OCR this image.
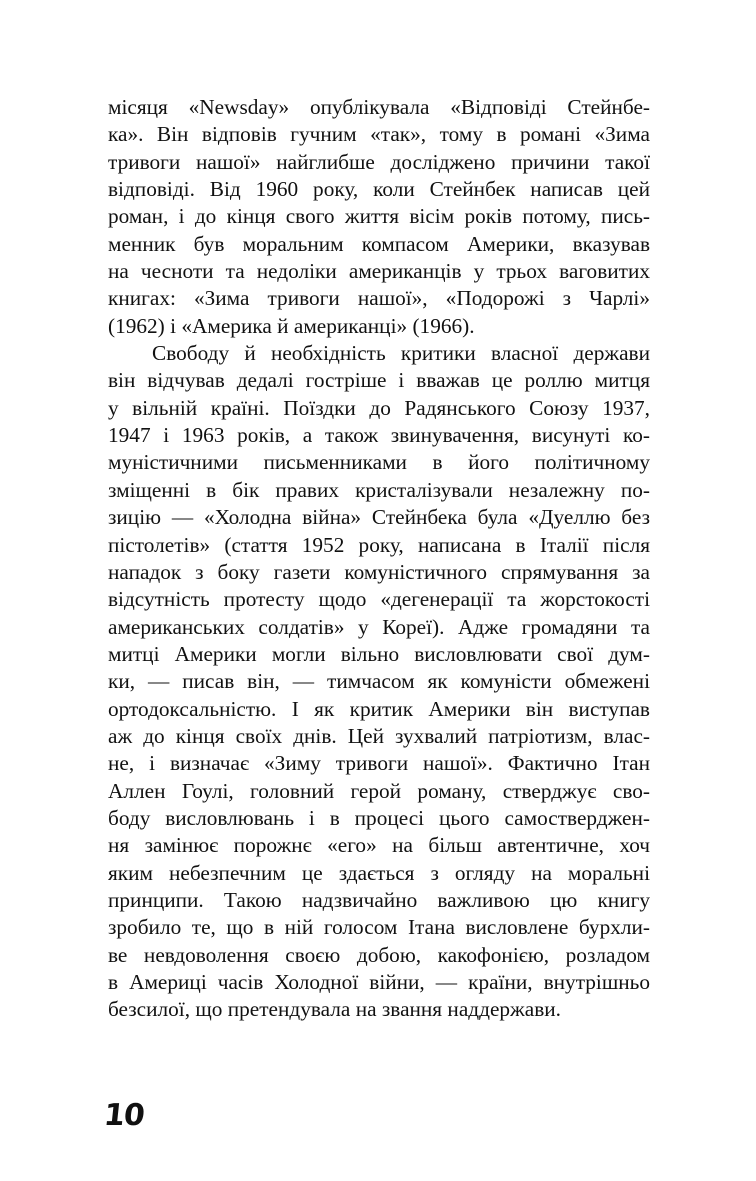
місяця «Newsday» опублікувала «Відповіді Стейнбе-
ка». Він відповів гучним «так», тому в романі «Зима
тривоги нашої» найглибше досліджено причини такої
відповіді. Від 1960 року, коли Стейнбек написав цей
роман, і до кінця свого життя вісім років потому, пись-
менник був моральним компасом Америки, вказував
на чесноти та недоліки американців у трьох ваговитих
книгах: «Зима тривоги нашої», «Подорожі з Чарлі»
(1962) і «Америка й американці» (1966).
Свободу й необхідність критики власної держави
він відчував дедалі гостріше і вважав це роллю митця
у вільній країні. Поїздки до Радянського Союзу 1937,
1947 і 1963 років, а також звинувачення, висунуті ко-
муністичними письменниками в його політичному
зміщенні в бік правих кристалізували незалежну по-
зицію — «Холодна війна» Стейнбека була «Дуеллю без
пістолетів» (стаття 1952 року, написана в Італії після
нападок з боку газети комуністичного спрямування за
відсутність протесту щодо «дегенерації та жорстокості
американських солдатів» у Кореї). Адже громадяни та
митці Америки могли вільно висловлювати свої дум-
ки, — писав він, — тимчасом як комуністи обмежені
ортодоксальністю. І як критик Америки він виступав
аж до кінця своїх днів. Цей зухвалий патріотизм, влас-
не, і визначає «Зиму тривоги нашої». Фактично Ітан
Аллен Гоулі, головний герой роману, стверджує сво-
боду висловлювань і в процесі цього самостверджен-
ня замінює порожнє «его» на більш автентичне, хоч
яким небезпечним це здається з огляду на моральні
принципи. Такою надзвичайно важливою цю книгу
зробило те, що в ній голосом Ітана висловлене бурхли-
ве невдоволення своєю добою, какофонією, розладом
в Америці часів Холодної війни, — країни, внутрішньо
безсилої, що претендувала на звання наддержави.
10
